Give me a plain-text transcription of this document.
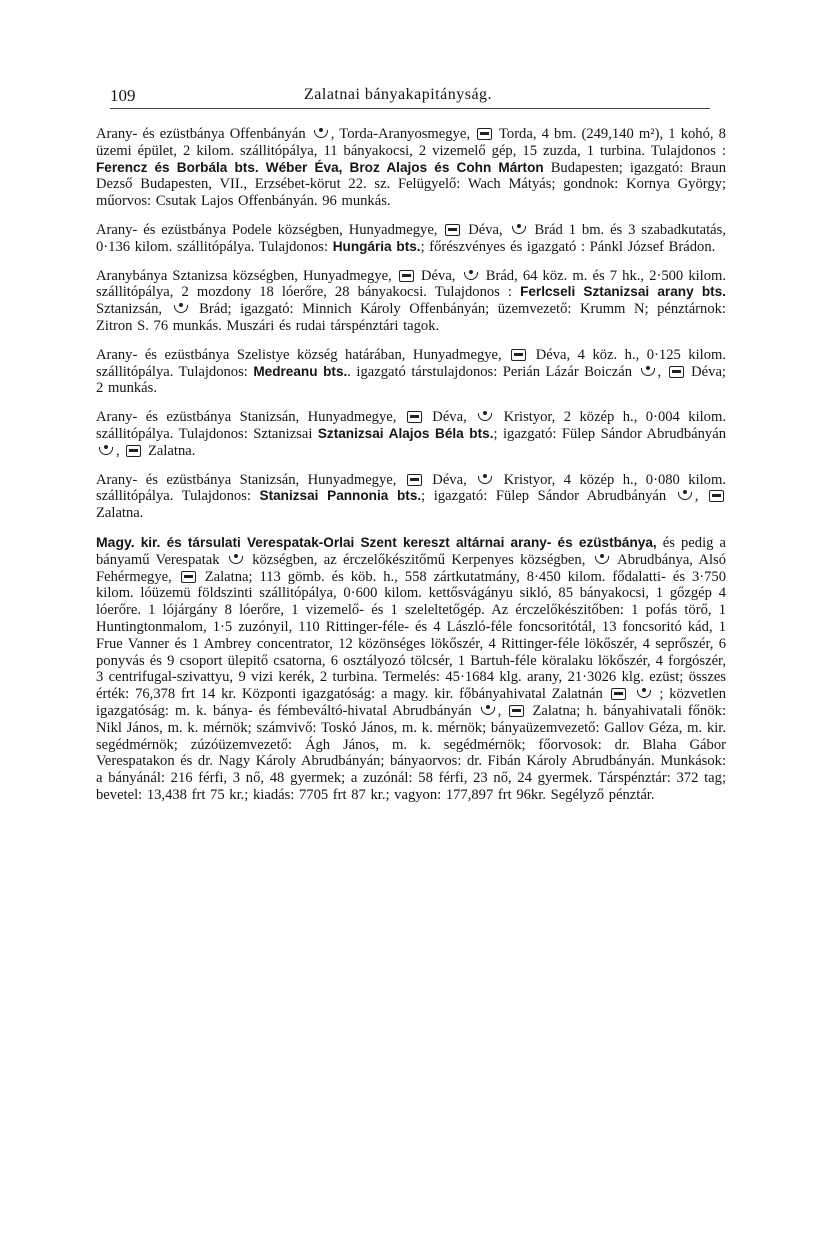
109	Zalatnai bányakapitányság.

Arany- és ezüstbánya Offenbányán , Torda-Aranyosmegye, Torda, 4 bm. (249,140 m²), 1 kohó, 8 üzemi épület, 2 kilom. szállitópálya, 11 bányakocsi, 2 vizemelő gép, 15 zuzda, 1 turbina. Tulajdonos : Ferencz és Borbála bts. Wéber Éva, Broz Alajos és Cohn Márton Budapesten; igazgató: Braun Dezső Budapesten, VII., Erzsébet-körut 22. sz. Felügyelő: Wach Mátyás; gondnok: Kornya György; műorvos: Csutak Lajos Offenbányán. 96 munkás.

Arany- és ezüstbánya Podele községben, Hunyadmegye, Déva, Brád 1 bm. és 3 szabadkutatás, 0·136 kilom. szállitópálya. Tulajdonos: Hungária bts.; főrészvényes és igazgató : Pánkl József Brádon.

Aranybánya Sztanizsa községben, Hunyadmegye, Déva, Brád, 64 köz. m. és 7 hk., 2·500 kilom. szállitópálya, 2 mozdony 18 lóerőre, 28 bányakocsi. Tulajdonos : Ferlcseli Sztanizsai arany bts. Sztanizsán,	Brád; igazgató: Minnich Károly Offenbányán; üzemvezető: Krumm N; pénztárnok: Zitron S. 76 munkás. Muszári és rudai társpénztári tagok.

Arany- és ezüstbánya Szelistye község határában, Hunyadmegye, Déva, 4 köz. h., 0·125 kilom. szállitópálya. Tulajdonos: Medreanu bts.. igazgató társtulajdonos: Perián Lázár Boiczán , Déva; 2 munkás.

Arany- és ezüstbánya Stanizsán, Hunyadmegye, Déva,	Kristyor, 2 közép h., 0·004 kilom. szállitópálya. Tulajdonos: Sztanizsai Sztanizsai Alajos Béla bts.; igazgató: Fülep Sándor Abrudbányán , Zalatna.

Arany- és ezüstbánya Stanizsán, Hunyadmegye, Déva,	Kristyor, 4 közép h., 0·080 kilom. szállitópálya. Tulajdonos: Stanizsai Pannonia bts.; igazgató: Fülep Sándor Abrudbányán ,  Zalatna.

Magy. kir. és társulati Verespatak-Orlai Szent kereszt altárnai arany- és ezüstbánya, és pedig a bányamű Verespatak községben, az érczelőkészitőmű Kerpenyes községben, Abrudbánya, Alsó Fehérmegye, Zalatna; 113 gömb. és köb. h., 558 zártkutatmány, 8·450 kilom. fődalatti- és 3·750 kilom. lóüzemü földszinti szállitópálya, 0·600 kilom. kettősvágányu sikló, 85 bányakocsi, 1 gőzgép 4 lóerőre. 1 lójárgány 8 lóerőre, 1 vizemelő- és 1 szeleltetőgép. Az érczelőkészitőben: 1 pofás törő, 1 Huntingtonmalom, 1·5 zuzónyil, 110 Rittinger-féle- és 4 László-féle foncsoritótál, 13 foncsoritó kád, 1 Frue Vanner és 1 Ambrey concentrator, 12 közönséges lökőszér, 4 Rittinger-féle lökőszér, 4 seprőszér, 6 ponyvás és 9 csoport ülepitő csatorna, 6 osztályozó tölcsér, 1 Bartuh-féle köralaku lökőszér, 4 forgószér, 3 centrifugal-szivattyu, 9 vizi kerék, 2 turbina. Termelés: 45·1684 klg. arany, 21·3026 klg. ezüst; összes érték: 76,378 frt 14 kr. Központi igazgatóság: a magy. kir. főbányahivatal Zalatnán	; közvetlen igazgatóság: m. k. bánya- és fémbeváltó-hivatal Abrudbányán , Zalatna; h. bányahivatali főnök: Nikl János, m. k. mérnök; számvivő: Toskó János, m. k. mérnök; bányaüzemvezető: Gallov Géza, m. kir. segédmérnök; zúzóüzemvezető: Ágh János, m. k. segédmérnök; főorvosok: dr. Blaha Gábor Verespatakon és dr. Nagy Károly Abrudbányán; bányaorvos: dr. Fibán Károly Abrudbányán. Munkások: a bányánál: 216 férfi, 3 nő, 48 gyermek; a zuzónál: 58 férfi, 23 nő, 24 gyermek. Társpénztár: 372 tag; bevetel: 13,438 frt 75 kr.; kiadás: 7705 frt 87 kr.; vagyon: 177,897 frt 96kr. Segélyző pénztár.
